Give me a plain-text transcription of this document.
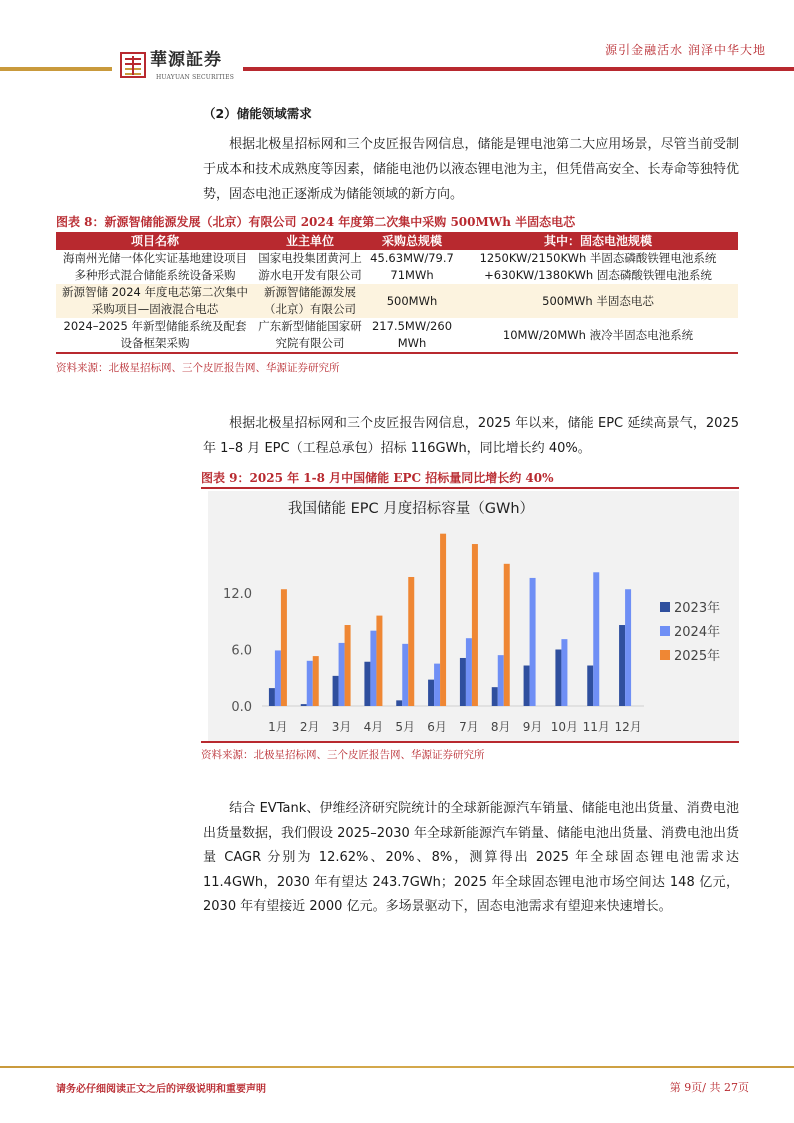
華源証券
HUAYUAN SECURITIES
源引金融活水 润泽中华大地
（2）储能领域需求
根据北极星招标网和三个皮匠报告网信息，储能是锂电池第二大应用场景，尽管当前受制于成本和技术成熟度等因素，储能电池仍以液态锂电池为主，但凭借高安全、长寿命等独特优势，固态电池正逐渐成为储能领域的新方向。
图表 8：新源智储能源发展（北京）有限公司 2024 年度第二次集中采购 500MWh 半固态电芯
项目名称	业主单位	采购总规模	其中：固态电池规模
海南州光储一体化实证基地建设项目多种形式混合储能系统设备采购	国家电投集团黄河上游水电开发有限公司	45.63MW/79.771MWh	1250KW/2150KWh 半固态磷酸铁锂电池系统 +630KW/1380KWh 固态磷酸铁锂电池系统
新源智储 2024 年度电芯第二次集中采购项目—固液混合电芯	新源智储能源发展（北京）有限公司	500MWh	500MWh 半固态电芯
2024–2025 年新型储能系统及配套设备框架采购	广东新型储能国家研究院有限公司	217.5MW/260MWh	10MW/20MWh 液冷半固态电池系统
资料来源：北极星招标网、三个皮匠报告网、华源证券研究所
根据北极星招标网和三个皮匠报告网信息，2025 年以来，储能 EPC 延续高景气，2025 年 1–8 月 EPC（工程总承包）招标 116GWh，同比增长约 40%。
图表 9：2025 年 1-8 月中国储能 EPC 招标量同比增长约 40%
0.0
6.0
12.0
1月 2月 3月 4月 5月 6月 7月 8月 9月 10月 11月 12月
2023年
2024年
2025年
我国储能 EPC 月度招标容量（GWh）
资料来源：北极星招标网、三个皮匠报告网、华源证券研究所
结合 EVTank、伊维经济研究院统计的全球新能源汽车销量、储能电池出货量、消费电池出货量数据，我们假设 2025–2030 年全球新能源汽车销量、储能电池出货量、消费电池出货量 CAGR 分别为 12.62%、20%、8%，测算得出 2025 年全球固态锂电池需求达 11.4GWh，2030 年有望达 243.7GWh；2025 年全球固态锂电池市场空间达 148 亿元，2030 年有望接近 2000 亿元。多场景驱动下，固态电池需求有望迎来快速增长。
请务必仔细阅读正文之后的评级说明和重要声明	第 9页/ 共 27页
